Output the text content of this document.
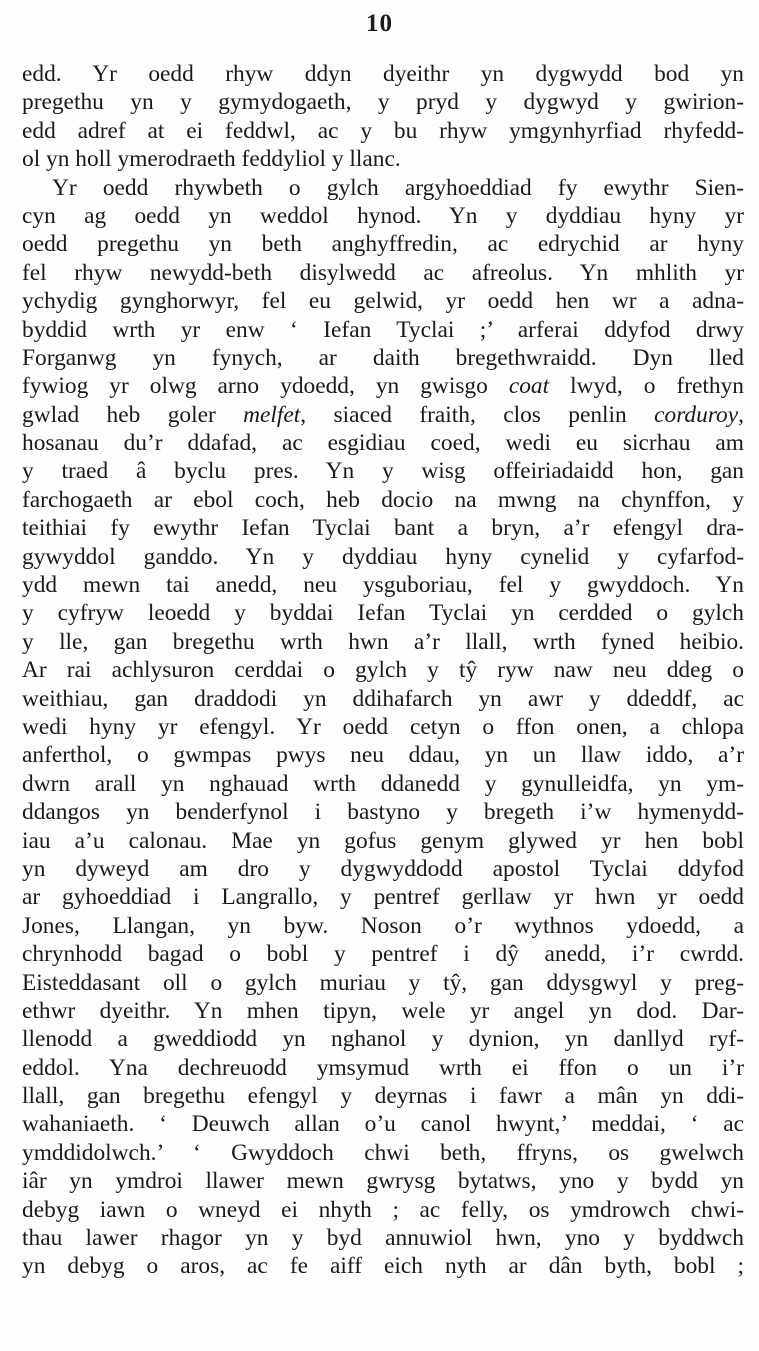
10
edd. Yr oedd rhyw ddyn dyeithr yn dygwydd bod yn
pregethu yn y gymydogaeth, y pryd y dygwyd y gwirion-
edd adref at ei feddwl, ac y bu rhyw ymgynhyrfiad rhyfedd-
ol yn holl ymerodraeth feddyliol y llanc.
Yr oedd rhywbeth o gylch argyhoeddiad fy ewythr Sien-
cyn ag oedd yn weddol hynod. Yn y dyddiau hyny yr
oedd pregethu yn beth anghyffredin, ac edrychid ar hyny
fel rhyw newydd-beth disylwedd ac afreolus. Yn mhlith yr
ychydig gynghorwyr, fel eu gelwid, yr oedd hen wr a adna-
byddid wrth yr enw ‘ Iefan Tyclai ;’ arferai ddyfod drwy
Forganwg yn fynych, ar daith bregethwraidd. Dyn lled
fywiog yr olwg arno ydoedd, yn gwisgo coat lwyd, o frethyn
gwlad heb goler melfet, siaced fraith, clos penlin corduroy,
hosanau du’r ddafad, ac esgidiau coed, wedi eu sicrhau am
y traed â byclu pres. Yn y wisg offeiriadaidd hon, gan
farchogaeth ar ebol coch, heb docio na mwng na chynffon, y
teithiai fy ewythr Iefan Tyclai bant a bryn, a’r efengyl dra-
gywyddol ganddo. Yn y dyddiau hyny cynelid y cyfarfod-
ydd mewn tai anedd, neu ysguboriau, fel y gwyddoch. Yn
y cyfryw leoedd y byddai Iefan Tyclai yn cerdded o gylch
y lle, gan bregethu wrth hwn a’r llall, wrth fyned heibio.
Ar rai achlysuron cerddai o gylch y tŷ ryw naw neu ddeg o
weithiau, gan draddodi yn ddihafarch yn awr y ddeddf, ac
wedi hyny yr efengyl. Yr oedd cetyn o ffon onen, a chlopa
anferthol, o gwmpas pwys neu ddau, yn un llaw iddo, a’r
dwrn arall yn nghauad wrth ddanedd y gynulleidfa, yn ym-
ddangos yn benderfynol i bastyno y bregeth i’w hymenydd-
iau a’u calonau. Mae yn gofus genym glywed yr hen bobl
yn dyweyd am dro y dygwyddodd apostol Tyclai ddyfod
ar gyhoeddiad i Langrallo, y pentref gerllaw yr hwn yr oedd
Jones, Llangan, yn byw. Noson o’r wythnos ydoedd, a
chrynhodd bagad o bobl y pentref i dŷ anedd, i’r cwrdd.
Eisteddasant oll o gylch muriau y tŷ, gan ddysgwyl y preg-
ethwr dyeithr. Yn mhen tipyn, wele yr angel yn dod. Dar-
llenodd a gweddiodd yn nghanol y dynion, yn danllyd ryf-
eddol. Yna dechreuodd ymsymud wrth ei ffon o un i’r
llall, gan bregethu efengyl y deyrnas i fawr a mân yn ddi-
wahaniaeth. ‘ Deuwch allan o’u canol hwynt,’ meddai, ‘ ac
ymddidolwch.’ ‘ Gwyddoch chwi beth, ffryns, os gwelwch
iâr yn ymdroi llawer mewn gwrysg bytatws, yno y bydd yn
debyg iawn o wneyd ei nhyth ; ac felly, os ymdrowch chwi-
thau lawer rhagor yn y byd annuwiol hwn, yno y byddwch
yn debyg o aros, ac fe aiff eich nyth ar dân byth, bobl ;
